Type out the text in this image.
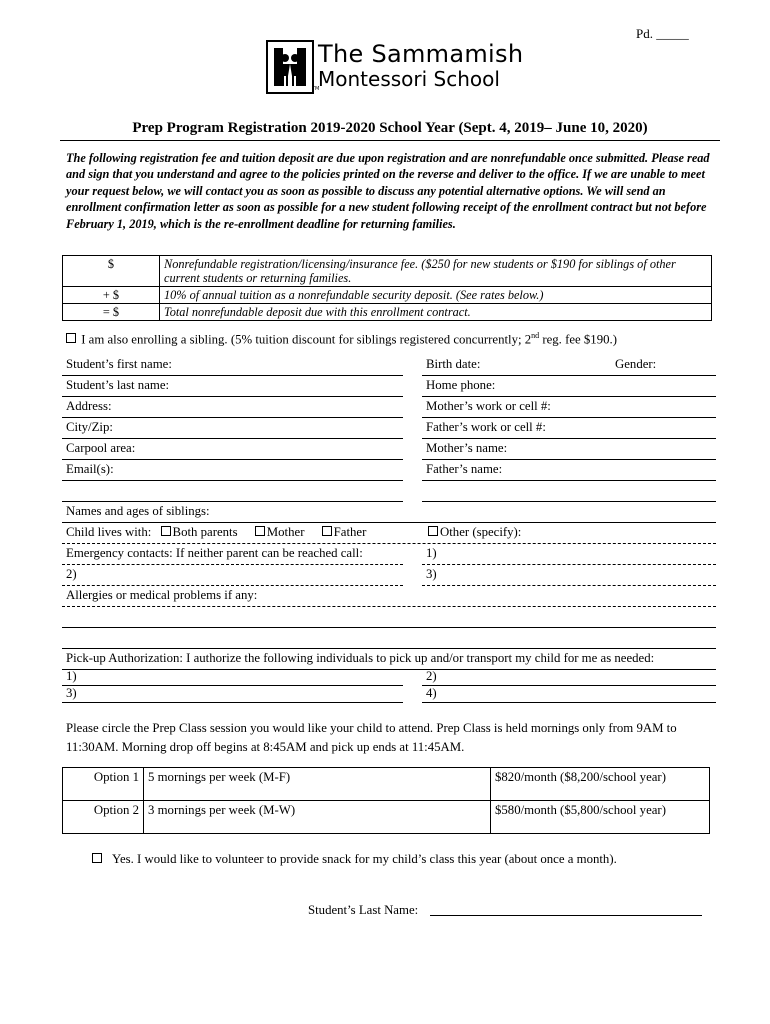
Pd. _____
The Sammamish
Montessori School
TM
Prep Program Registration 2019-2020 School Year (Sept. 4, 2019– June 10, 2020)
The following registration fee and tuition deposit are due upon registration and are nonrefundable once submitted. Please read and sign that you understand and agree to the policies printed on the reverse and deliver to the office. If we are unable to meet your request below, we will contact you as soon as possible to discuss any potential alternative options. We will send an enrollment confirmation letter as soon as possible for a new student following receipt of the enrollment contract but not before February 1, 2019, which is the re-enrollment deadline for returning families.
$	Nonrefundable registration/licensing/insurance fee. ($250 for new students or $190 for siblings of other current students or returning families.
+ $	10% of annual tuition as a nonrefundable security deposit. (See rates below.)
= $	Total nonrefundable deposit due with this enrollment contract.
I am also enrolling a sibling. (5% tuition discount for siblings registered concurrently; 2nd reg. fee $190.)
Student’s first name:
Student’s last name:
Address:
City/Zip:
Carpool area:
Email(s):
Birth date:	Gender:
Home phone:
Mother’s work or cell #:
Father’s work or cell #:
Mother’s name:
Father’s name:
Names and ages of siblings:
Child lives with: Both parents Mother Father	Other (specify):
Emergency contacts: If neither parent can be reached call:	1)
2)	3)
Allergies or medical problems if any:
Pick-up Authorization: I authorize the following individuals to pick up and/or transport my child for me as needed:
1)	2)
3)	4)
Please circle the Prep Class session you would like your child to attend. Prep Class is held mornings only from 9AM to 11:30AM. Morning drop off begins at 8:45AM and pick up ends at 11:45AM.
Option 1	5 mornings per week (M-F)	$820/month ($8,200/school year)
Option 2	3 mornings per week (M-W)	$580/month ($5,800/school year)
Yes. I would like to volunteer to provide snack for my child’s class this year (about once a month).
Student’s Last Name:
